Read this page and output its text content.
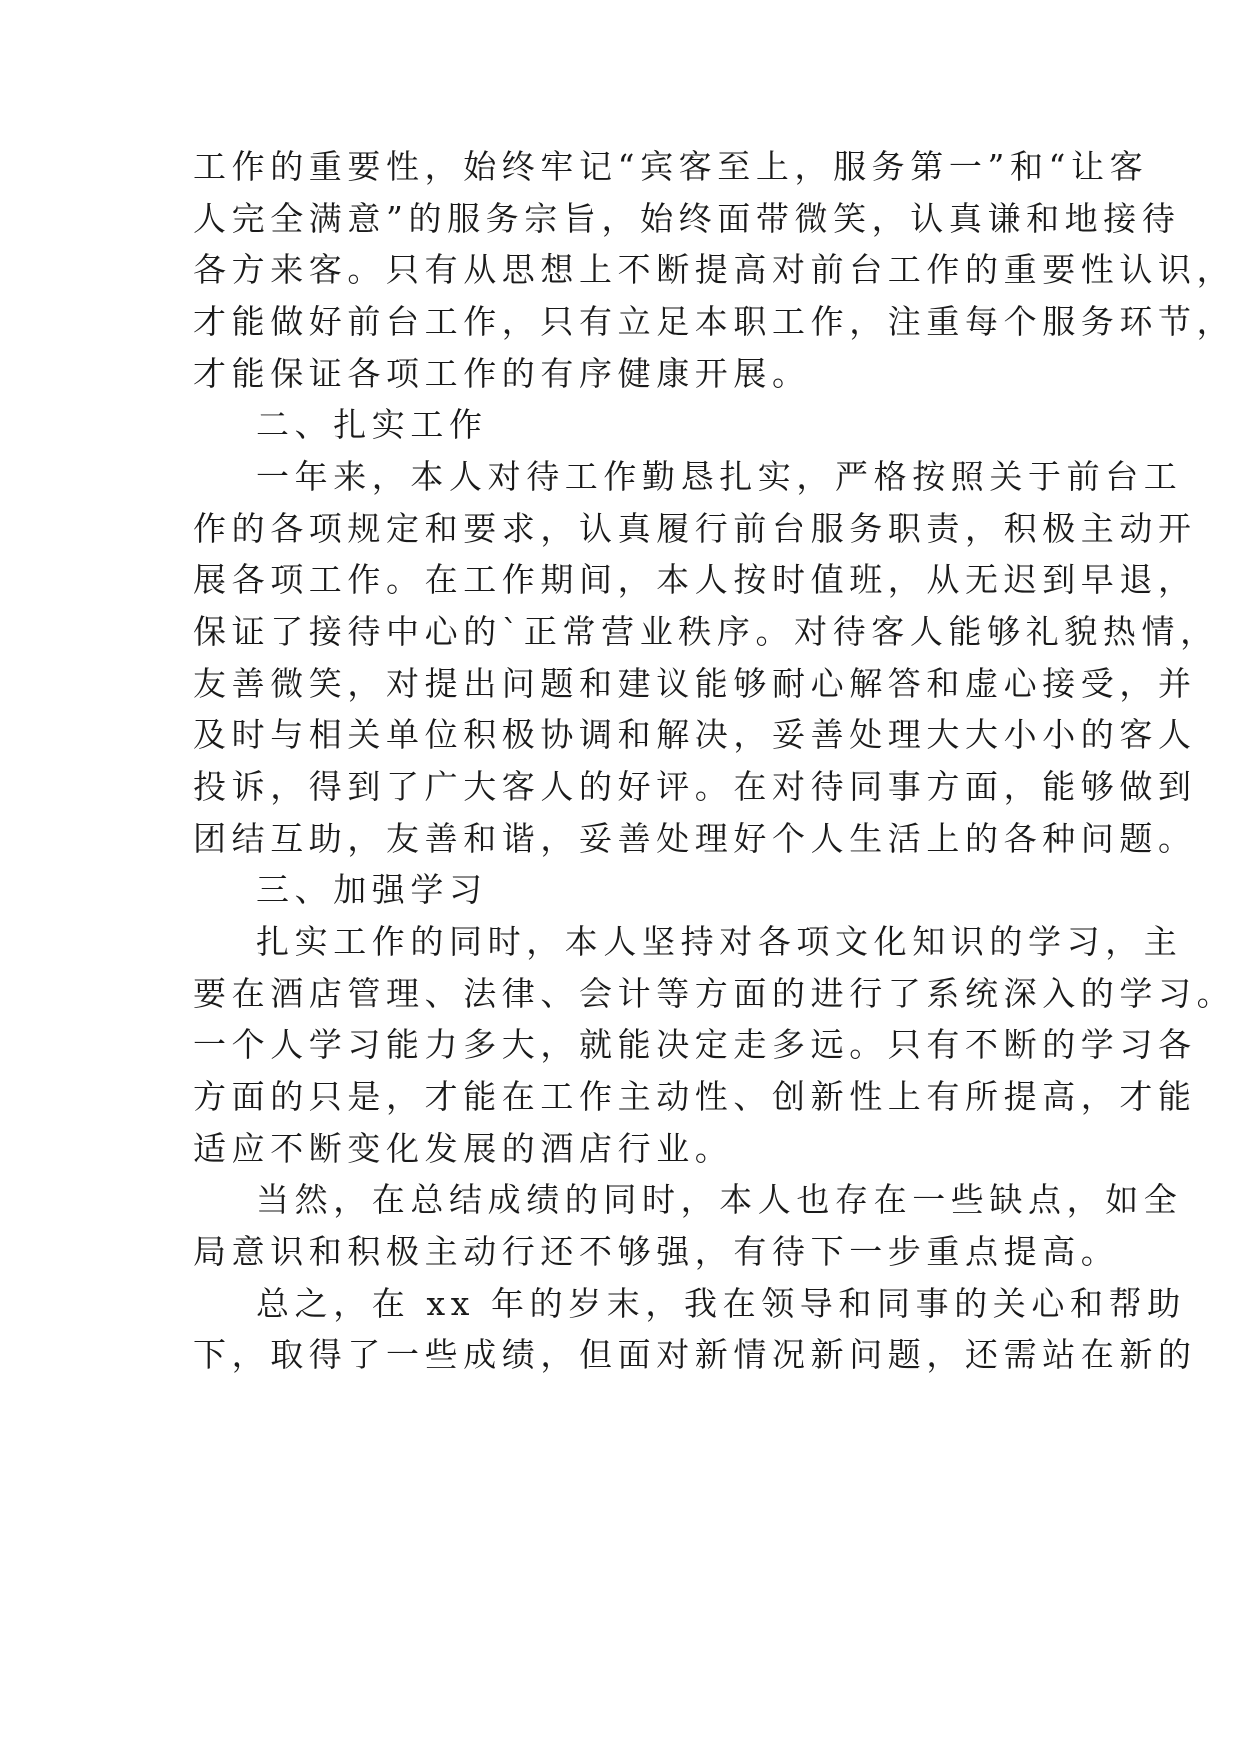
工作的重要性，始终牢记“宾客至上，服务第一”和“让客

人完全满意”的服务宗旨，始终面带微笑，认真谦和地接待

各方来客。只有从思想上不断提高对前台工作的重要性认识，

才能做好前台工作，只有立足本职工作，注重每个服务环节，

才能保证各项工作的有序健康开展。

二、扎实工作

一年来，本人对待工作勤恳扎实，严格按照关于前台工

作的各项规定和要求，认真履行前台服务职责，积极主动开

展各项工作。在工作期间，本人按时值班，从无迟到早退，

保证了接待中心的`正常营业秩序。对待客人能够礼貌热情，

友善微笑，对提出问题和建议能够耐心解答和虚心接受，并

及时与相关单位积极协调和解决，妥善处理大大小小的客人

投诉，得到了广大客人的好评。在对待同事方面，能够做到

团结互助，友善和谐，妥善处理好个人生活上的各种问题。

三、加强学习

扎实工作的同时，本人坚持对各项文化知识的学习，主

要在酒店管理、法律、会计等方面的进行了系统深入的学习。

一个人学习能力多大，就能决定走多远。只有不断的学习各

方面的只是，才能在工作主动性、创新性上有所提高，才能

适应不断变化发展的酒店行业。

当然，在总结成绩的同时，本人也存在一些缺点，如全

局意识和积极主动行还不够强，有待下一步重点提高。

总之，在 xx 年的岁末，我在领导和同事的关心和帮助

下，取得了一些成绩，但面对新情况新问题，还需站在新的
